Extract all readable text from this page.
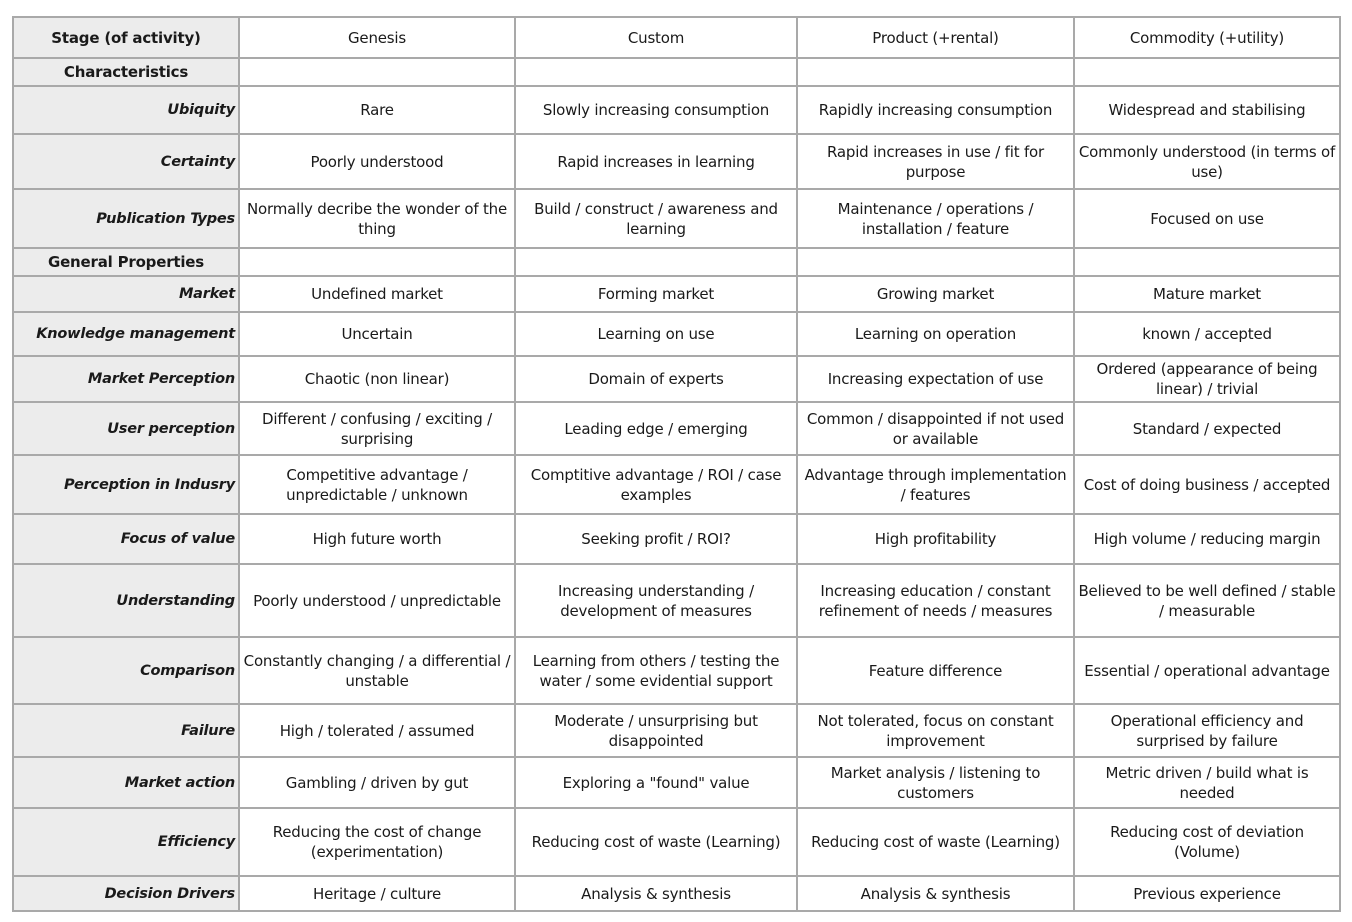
Stage (of activity)	Genesis	Custom	Product (+rental)	Commodity (+utility)
Characteristics				
Ubiquity	Rare	Slowly increasing consumption	Rapidly increasing consumption	Widespread and stabilising
Certainty	Poorly understood	Rapid increases in learning	Rapid increases in use / fit for purpose	Commonly understood (in terms of use)
Publication Types	Normally decribe the wonder of the thing	Build / construct / awareness and learning	Maintenance / operations / installation / feature	Focused on use
General Properties				
Market	Undefined market	Forming market	Growing market	Mature market
Knowledge management	Uncertain	Learning on use	Learning on operation	known / accepted
Market Perception	Chaotic (non linear)	Domain of experts	Increasing expectation of use	Ordered (appearance of being linear) / trivial
User perception	Different / confusing / exciting / surprising	Leading edge / emerging	Common / disappointed if not used or available	Standard / expected
Perception in Indusry	Competitive advantage / unpredictable / unknown	Comptitive advantage / ROI / case examples	Advantage through implementation / features	Cost of doing business / accepted
Focus of value	High future worth	Seeking profit / ROI?	High profitability	High volume / reducing margin
Understanding	Poorly understood / unpredictable	Increasing understanding / development of measures	Increasing education / constant refinement of needs / measures	Believed to be well defined / stable / measurable
Comparison	Constantly changing / a differential / unstable	Learning from others / testing the water / some evidential support	Feature difference	Essential / operational advantage
Failure	High / tolerated / assumed	Moderate / unsurprising but disappointed	Not tolerated, focus on constant improvement	Operational efficiency and surprised by failure
Market action	Gambling / driven by gut	Exploring a "found" value	Market analysis / listening to customers	Metric driven / build what is needed
Efficiency	Reducing the cost of change (experimentation)	Reducing cost of waste (Learning)	Reducing cost of waste (Learning)	Reducing cost of deviation (Volume)
Decision Drivers	Heritage / culture	Analysis & synthesis	Analysis & synthesis	Previous experience
